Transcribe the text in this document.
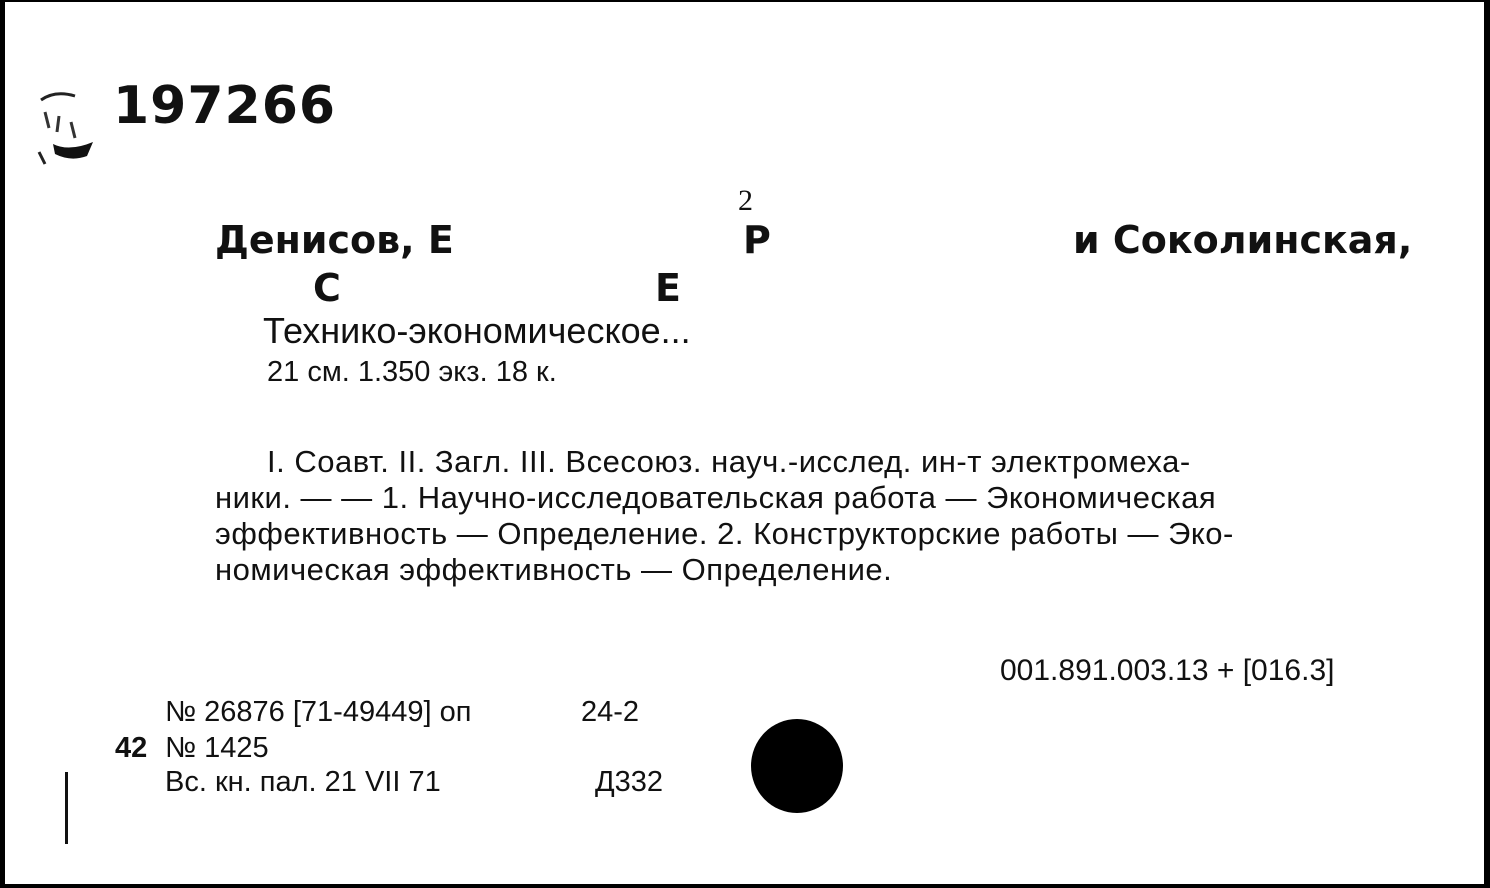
197266
2
Денисов, Е	Р	и Соколинская,
С	Е
Технико-экономическое...
21 см. 1.350 экз. 18 к.
I. Соавт. II. Загл. III. Всесоюз. науч.-исслед. ин-т электромеха-
ники. — — 1. Научно-исследовательская работа — Экономическая
эффективность — Определение. 2. Конструкторские работы — Эко-
номическая эффективность — Определение.
001.891.003.13 + [016.3]
№ 26876 [71-49449] оп	24-2
42 № 1425
Вс. кн. пал. 21 VII 71	Д332
